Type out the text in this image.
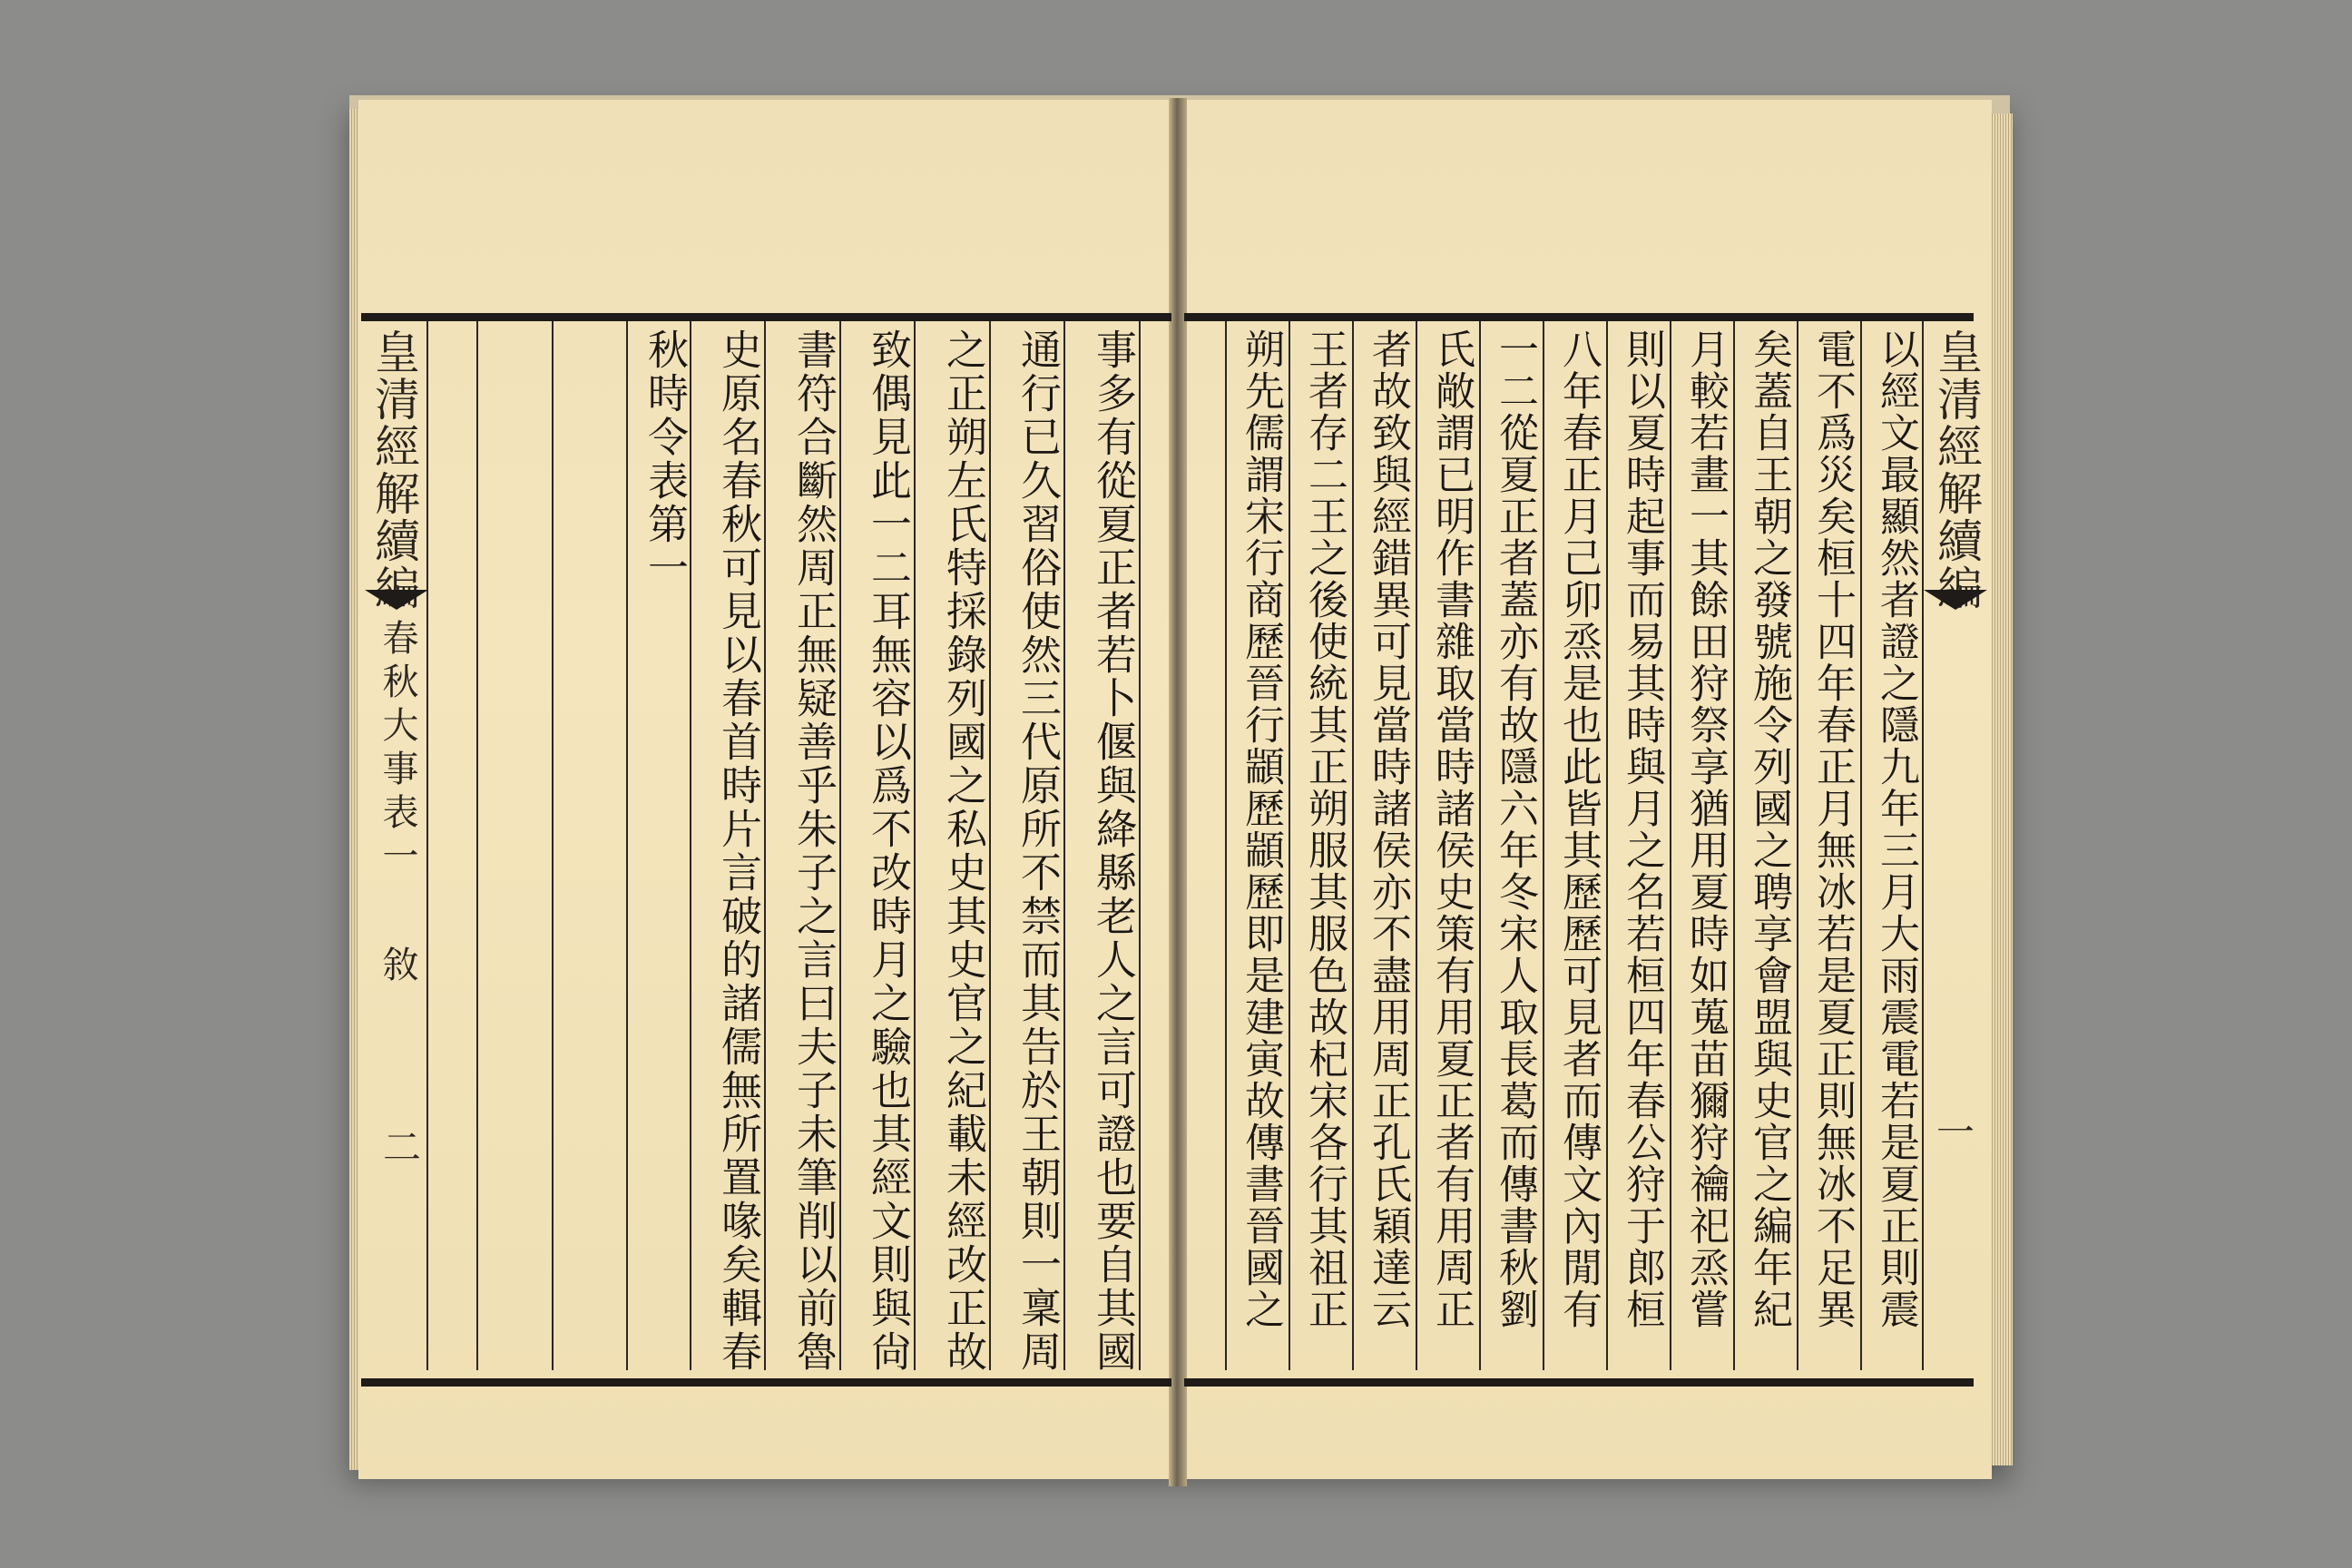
皇清經解續編
春秋大事表一
敘
二	事多有從夏正者若卜偃與絳縣老人之言可證也要自其國
通行已久習俗使然三代原所不禁而其告於王朝則一稟周
之正朔左氏特採錄列國之私史其史官之紀載未經改正故
致偶見此一二耳無容以爲不改時月之驗也其經文則與尙
書符合斷然周正無疑善乎朱子之言曰夫子未筆削以前魯
史原名春秋可見以春首時片言破的諸儒無所置喙矣輯春
秋時令表第一	以經文最顯然者證之隱九年三月大雨震電若是夏正則震
電不爲災矣桓十四年春正月無冰若是夏正則無冰不足異
矣蓋自王朝之發號施令列國之聘享會盟與史官之編年紀
月較若畫一其餘田狩祭享猶用夏時如蒐苗獮狩禴祀烝嘗
則以夏時起事而易其時與月之名若桓四年春公狩于郎桓
八年春正月己卯烝是也此皆其歷歷可見者而傳文內閒有
一二從夏正者蓋亦有故隱六年冬宋人取長葛而傳書秋劉
氏敞謂已明作書雜取當時諸侯史策有用夏正者有用周正
者故致與經錯異可見當時諸侯亦不盡用周正孔氏穎達云
王者存二王之後使統其正朔服其服色故杞宋各行其祖正
朔先儒謂宋行商歷晉行顓歷顓歷即是建寅故傳書晉國之	皇清經解續編
一
